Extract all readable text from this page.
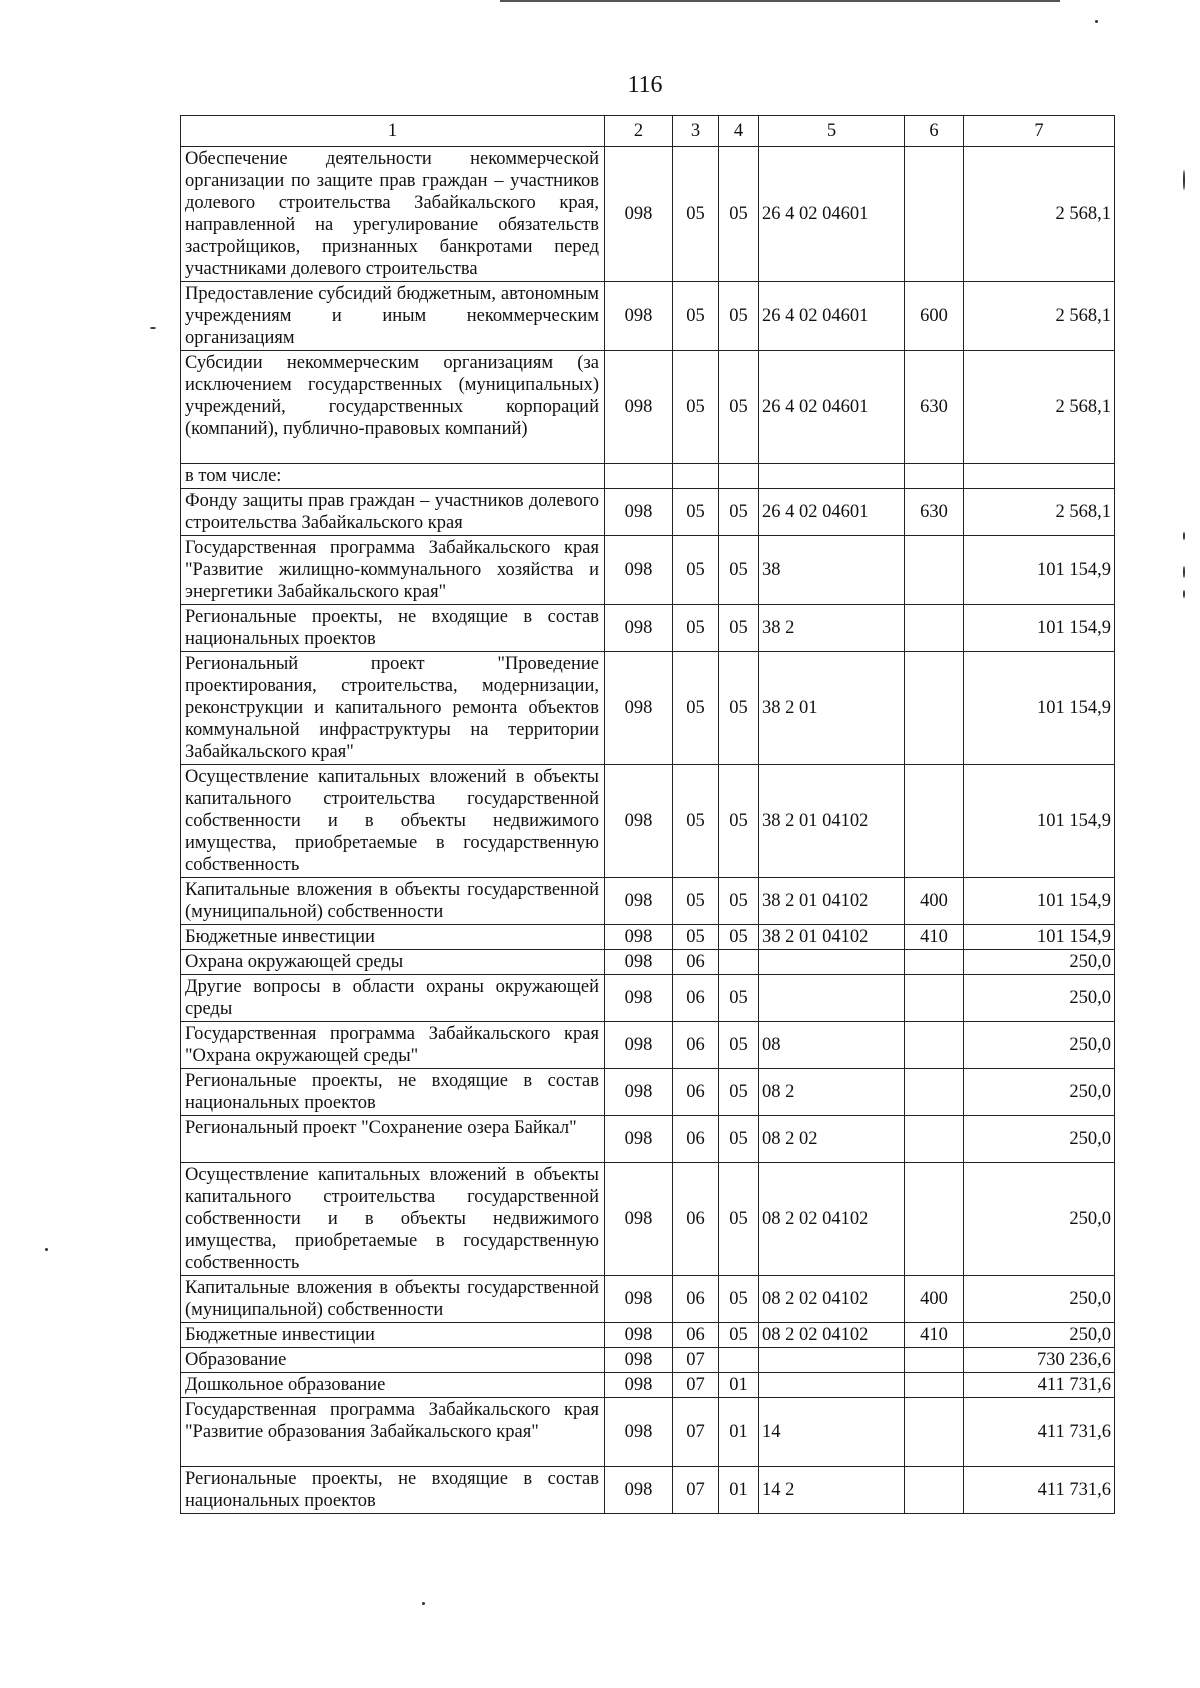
116
1	2	3	4	5	6	7
Обеспечение деятельности некоммерческой организации по защите прав граждан – участников долевого строительства Забайкальского края, направленной на урегулирование обязательств застройщиков, признанных банкротами перед участниками долевого строительства	098	05	05	26 4 02 04601		2 568,1
Предоставление субсидий бюджетным, автономным учреждениям и иным некоммерческим организациям	098	05	05	26 4 02 04601	600	2 568,1
Субсидии некоммерческим организациям (за исключением государственных (муниципальных) учреждений, государственных корпораций (компаний), публично-правовых компаний)	098	05	05	26 4 02 04601	630	2 568,1
в том числе:						
Фонду защиты прав граждан – участников долевого строительства Забайкальского края	098	05	05	26 4 02 04601	630	2 568,1
Государственная программа Забайкальского края "Развитие жилищно-коммунального хозяйства и энергетики Забайкальского края"	098	05	05	38		101 154,9
Региональные проекты, не входящие в состав национальных проектов	098	05	05	38 2		101 154,9
Региональный проект "Проведение проектирования, строительства, модернизации, реконструкции и капитального ремонта объектов коммунальной инфраструктуры на территории Забайкальского края"	098	05	05	38 2 01		101 154,9
Осуществление капитальных вложений в объекты капитального строительства государственной собственности и в объекты недвижимого имущества, приобретаемые в государственную собственность	098	05	05	38 2 01 04102		101 154,9
Капитальные вложения в объекты государственной (муниципальной) собственности	098	05	05	38 2 01 04102	400	101 154,9
Бюджетные инвестиции	098	05	05	38 2 01 04102	410	101 154,9
Охрана окружающей среды	098	06				250,0
Другие вопросы в области охраны окружающей среды	098	06	05			250,0
Государственная программа Забайкальского края "Охрана окружающей среды"	098	06	05	08		250,0
Региональные проекты, не входящие в состав национальных проектов	098	06	05	08 2		250,0
Региональный проект "Сохранение озера Байкал"	098	06	05	08 2 02		250,0
Осуществление капитальных вложений в объекты капитального строительства государственной собственности и в объекты недвижимого имущества, приобретаемые в государственную собственность	098	06	05	08 2 02 04102		250,0
Капитальные вложения в объекты государственной (муниципальной) собственности	098	06	05	08 2 02 04102	400	250,0
Бюджетные инвестиции	098	06	05	08 2 02 04102	410	250,0
Образование	098	07				730 236,6
Дошкольное образование	098	07	01			411 731,6
Государственная программа Забайкальского края "Развитие образования Забайкальского края"	098	07	01	14		411 731,6
Региональные проекты, не входящие в состав национальных проектов	098	07	01	14 2		411 731,6
